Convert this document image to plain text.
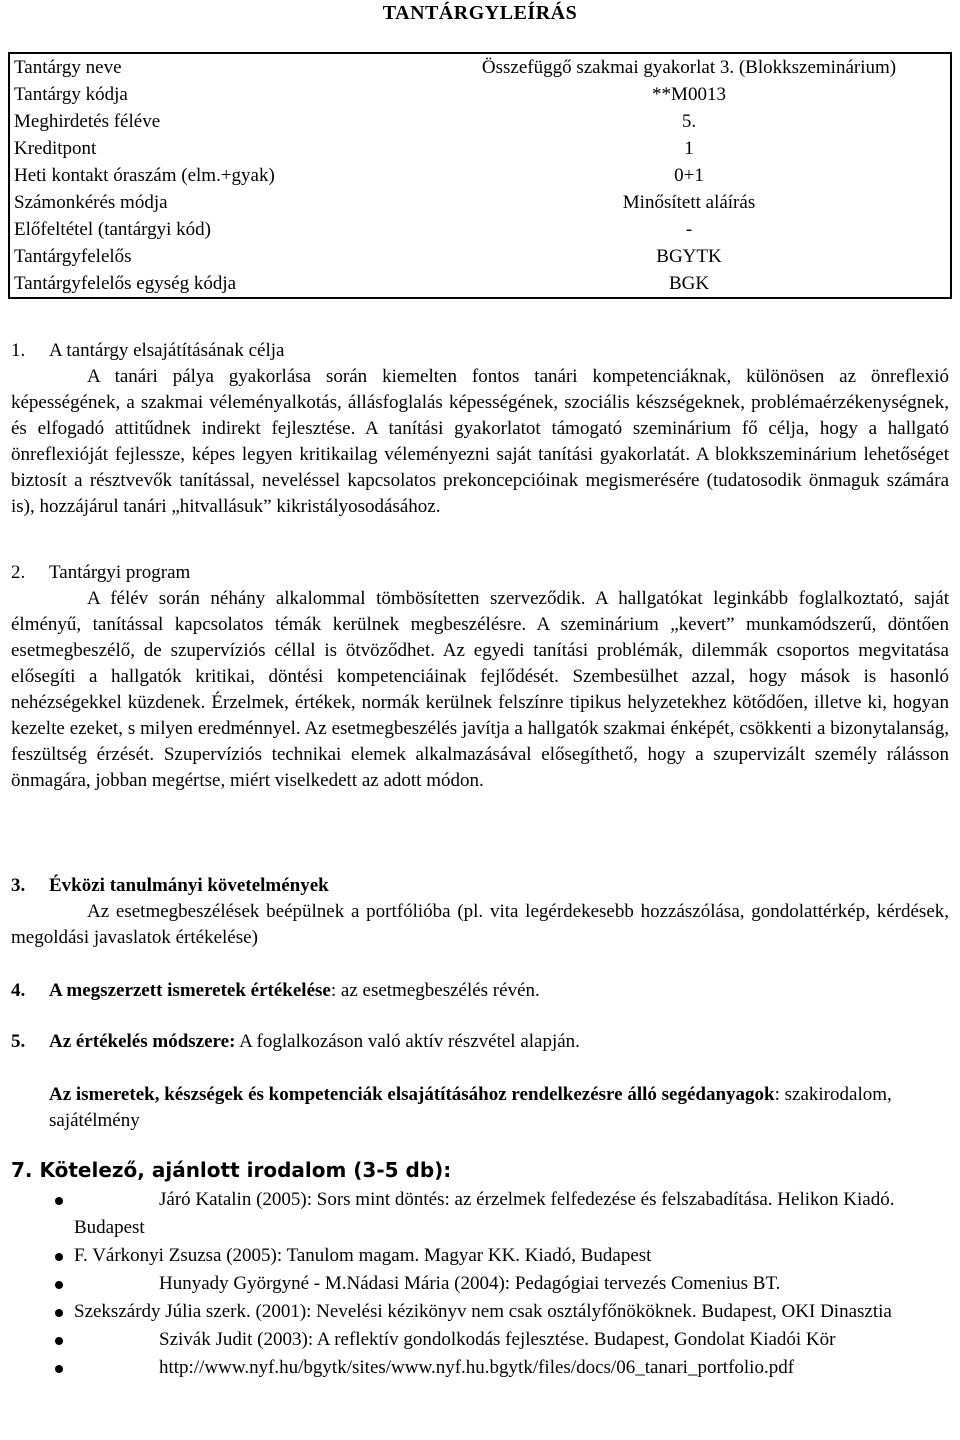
TANTÁRGYLEÍRÁS
Tantárgy neve	Összefüggő szakmai gyakorlat 3. (Blokkszeminárium)
Tantárgy kódja	**M0013
Meghirdetés féléve	5.
Kreditpont	1
Heti kontakt óraszám (elm.+gyak)	0+1
Számonkérés módja	Minősített aláírás
Előfeltétel (tantárgyi kód)	-
Tantárgyfelelős	BGYTK
Tantárgyfelelős egység kódja	BGK
1. A tantárgy elsajátításának célja

A tanári pálya gyakorlása során kiemelten fontos tanári kompetenciáknak, különösen az önreflexió képességének, a szakmai véleményalkotás, állásfoglalás képességének, szociális készségeknek, problémaérzékenységnek, és elfogadó attitűdnek indirekt fejlesztése. A tanítási gyakorlatot támogató szeminárium fő célja, hogy a hallgató önreflexióját fejlessze, képes legyen kritikailag véleményezni saját tanítási gyakorlatát. A blokkszeminárium lehetőséget biztosít a résztvevők tanítással, neveléssel kapcsolatos prekoncepcióinak megismerésére (tudatosodik önmaguk számára is), hozzájárul tanári „hitvallásuk” kikristályosodásához.

2. Tantárgyi program

A félév során néhány alkalommal tömbösítetten szerveződik. A hallgatókat leginkább foglalkoztató, saját élményű, tanítással kapcsolatos témák kerülnek megbeszélésre. A szeminárium „kevert” munkamódszerű, döntően esetmegbeszélő, de szupervíziós céllal is ötvöződhet. Az egyedi tanítási problémák, dilemmák csoportos megvitatása elősegíti a hallgatók kritikai, döntési kompetenciáinak fejlődését. Szembesülhet azzal, hogy mások is hasonló nehézségekkel küzdenek. Érzelmek, értékek, normák kerülnek felszínre tipikus helyzetekhez kötődően, illetve ki, hogyan kezelte ezeket, s milyen eredménnyel. Az esetmegbeszélés javítja a hallgatók szakmai énképét, csökkenti a bizonytalanság, feszültség érzését. Szupervíziós technikai elemek alkalmazásával elősegíthető, hogy a szupervizált személy rálásson önmagára, jobban megértse, miért viselkedett az adott módon.

3. Évközi tanulmányi követelmények

Az esetmegbeszélések beépülnek a portfólióba (pl. vita legérdekesebb hozzászólása, gondolattérkép, kérdések, megoldási javaslatok értékelése)

4. A megszerzett ismeretek értékelése: az esetmegbeszélés révén.
5. Az értékelés módszere: A foglalkozáson való aktív részvétel alapján.
Az ismeretek, készségek és kompetenciák elsajátításához rendelkezésre álló segédanyagok: szakirodalom, sajátélmény
7. Kötelező, ajánlott irodalom (3-5 db):
Járó Katalin (2005): Sors mint döntés: az érzelmek felfedezése és felszabadítása. Helikon Kiadó. Budapest
F. Várkonyi Zsuzsa (2005): Tanulom magam. Magyar KK. Kiadó, Budapest
Hunyady Györgyné - M.Nádasi Mária (2004): Pedagógiai tervezés Comenius BT.
Szekszárdy Júlia szerk. (2001): Nevelési kézikönyv nem csak osztályfőnököknek. Budapest, OKI Dinasztia
Szivák Judit (2003): A reflektív gondolkodás fejlesztése. Budapest, Gondolat Kiadói Kör
http://www.nyf.hu/bgytk/sites/www.nyf.hu.bgytk/files/docs/06_tanari_portfolio.pdf
